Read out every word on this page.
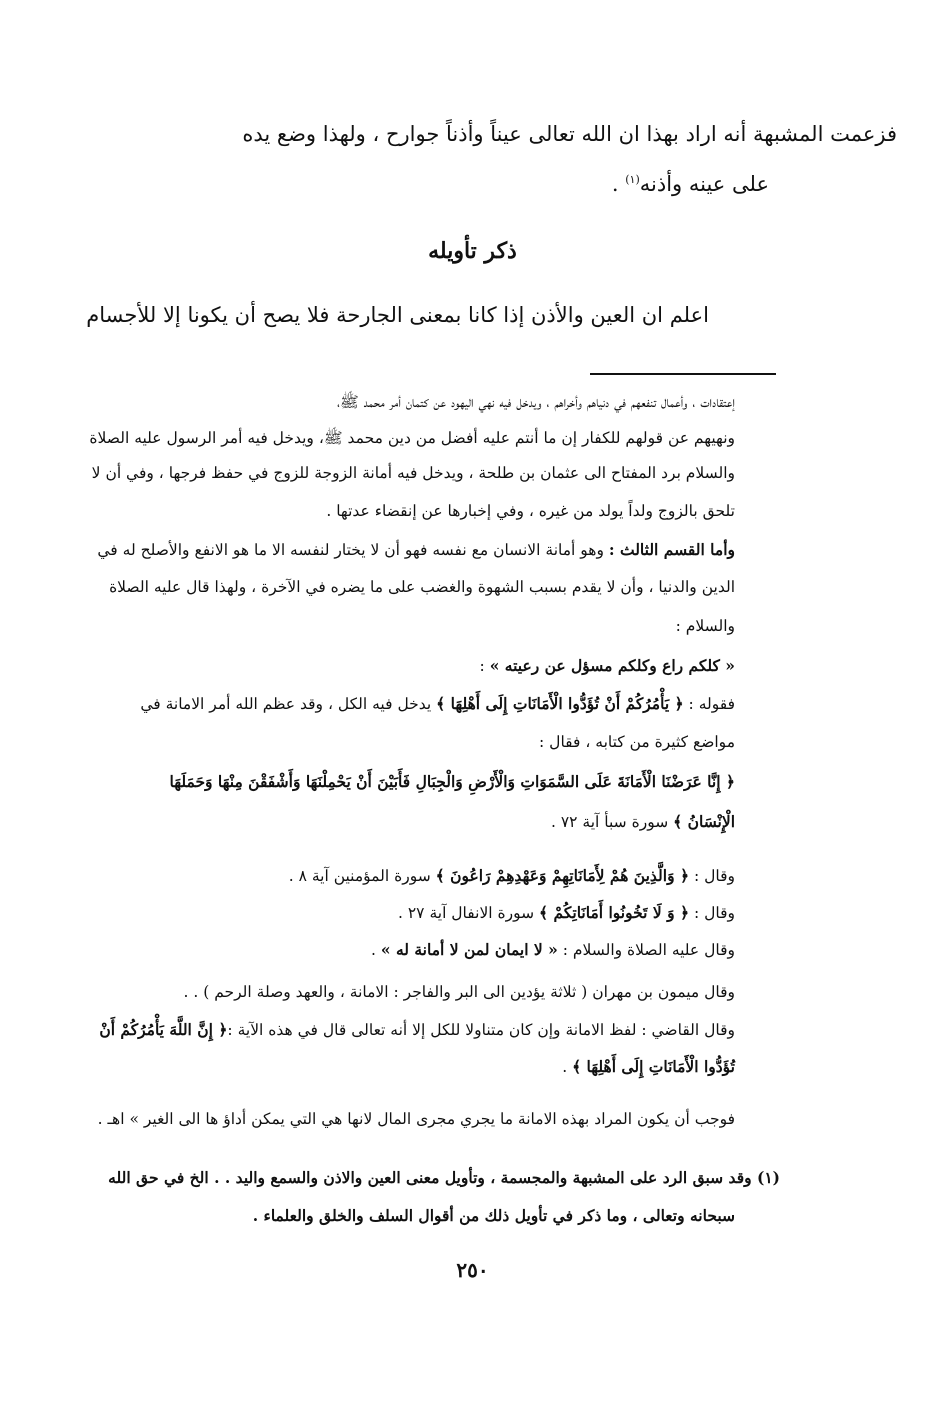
فزعمت المشبهة أنه اراد بهذا ان الله تعالى عيناً وأذناً جوارح ، ولهذا وضع يده
على عينه وأذنه$^{(١)}$ .
ذكر تأويله
اعلم ان العين والأذن إذا كانا بمعنى الجارحة فلا يصح أن يكونا إلا للأجسام
إعتقادات ، وأعمال تنفعهم في دنياهم وأخراهم ، ويدخل فيه نهي اليهود عن كتمان أمر محمد ﷺ،
ونهيهم عن قولهم للكفار إن ما أنتم عليه أفضل من دين محمد ﷺ، ويدخل فيه أمر الرسول عليه الصلاة
والسلام برد المفتاح الى عثمان بن طلحة ، ويدخل فيه أمانة الزوجة للزوج في حفظ فرجها ، وفي أن لا
تلحق بالزوج ولداً يولد من غيره ، وفي إخبارها عن إنقضاء عدتها .
وأما القسم الثالث : وهو أمانة الانسان مع نفسه فهو أن لا يختار لنفسه الا ما هو الانفع والأصلح له في
الدين والدنيا ، وأن لا يقدم بسبب الشهوة والغضب على ما يضره في الآخرة ، ولهذا قال عليه الصلاة
والسلام :
« كلكم راع وكلكم مسؤل عن رعيته » :
فقوله : ﴿ يَأْمُرُكُمْ أَنْ تُؤَدُّوا الْأَمَانَاتِ إِلَى أَهْلِهَا ﴾ يدخل فيه الكل ، وقد عظم الله أمر الامانة في
مواضع كثيرة من كتابه ، فقال :
﴿ إِنَّا عَرَضْنَا الْأَمَانَةَ عَلَى السَّمَوَاتِ وَالْأَرْضِ وَالْجِبَالِ فَأَبَيْنَ أَنْ يَحْمِلْنَهَا وَأَشْفَقْنَ مِنْهَا وَحَمَلَهَا
الْإِنْسَانُ ﴾ سورة سبأ آية ٧٢ .
وقال : ﴿ وَالَّذِينَ هُمْ لِأَمَانَاتِهِمْ وَعَهْدِهِمْ رَاعُونَ ﴾ سورة المؤمنين آية ٨ .
وقال : ﴿ وَ لَا تَخُونُوا أَمَانَاتِكُمْ ﴾ سورة الانفال آية ٢٧ .
وقال عليه الصلاة والسلام : « لا ايمان لمن لا أمانة له » .
وقال ميمون بن مهران ( ثلاثة يؤدين الى البر والفاجر : الامانة ، والعهد وصلة الرحم ) . .
وقال القاضي : لفظ الامانة وإن كان متناولا للكل إلا أنه تعالى قال في هذه الآية :﴿ إِنَّ اللَّهَ يَأْمُرُكُمْ أَنْ
تُؤَدُّوا الْأَمَانَاتِ إِلَى أَهْلِهَا ﴾ .
فوجب أن يكون المراد بهذه الامانة ما يجري مجرى المال لانها هي التي يمكن أداؤ ها الى الغير » اهـ .
(١) وقد سبق الرد على المشبهة والمجسمة ، وتأويل معنى العين والاذن والسمع واليد . . الخ في حق الله
سبحانه وتعالى ، وما ذكر في تأويل ذلك من أقوال السلف والخلق والعلماء .
٢٥٠
